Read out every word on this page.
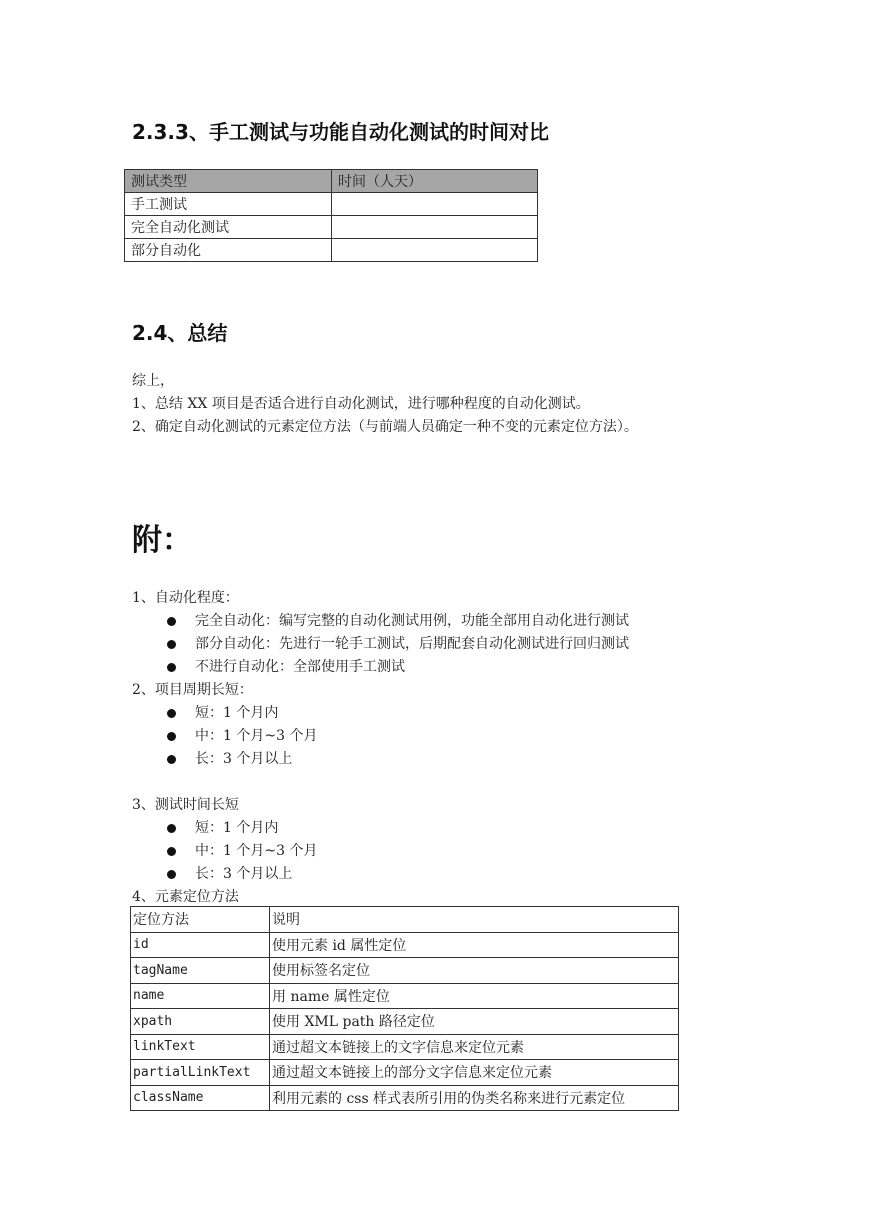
2.3.3、手工测试与功能自动化测试的时间对比
测试类型	时间（人天）
手工测试	
完全自动化测试	
部分自动化	
2.4、总结
综上，
1、总结 XX 项目是否适合进行自动化测试，进行哪种程度的自动化测试。
2、确定自动化测试的元素定位方法（与前端人员确定一种不变的元素定位方法）。
附：
1、自动化程度：
完全自动化：编写完整的自动化测试用例，功能全部用自动化进行测试
部分自动化：先进行一轮手工测试，后期配套自动化测试进行回归测试
不进行自动化：全部使用手工测试
2、项目周期长短：
短：1 个月内
中：1 个月~3 个月
长：3 个月以上
3、测试时间长短
短：1 个月内
中：1 个月~3 个月
长：3 个月以上
4、元素定位方法
定位方法	说明
id	使用元素 id 属性定位
tagName	使用标签名定位
name	用 name 属性定位
xpath	使用 XML path 路径定位
linkText	通过超文本链接上的文字信息来定位元素
partialLinkText	通过超文本链接上的部分文字信息来定位元素
className	利用元素的 css 样式表所引用的伪类名称来进行元素定位
